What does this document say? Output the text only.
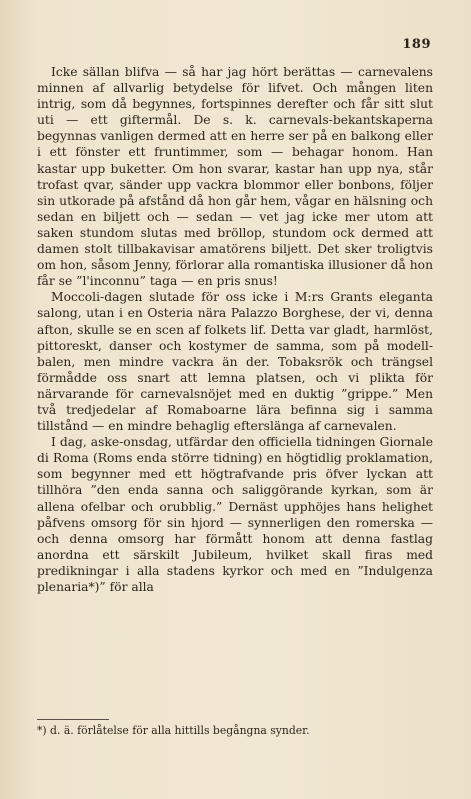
189

Icke sällan blifva — så har jag hört berättas — carnevalens minnen af allvarlig betydelse för lifvet. Och mången liten intrig, som då begynnes, fortspinnes derefter och får sitt slut uti — ett giftermål. De s. k. carnevals-bekantskaperna begynnas vanligen dermed att en herre ser på en balkong eller i ett fönster ett fruntimmer, som — behagar honom. Han kastar upp buketter. Om hon svarar, kastar han upp nya, står trofast qvar, sänder upp vackra blommor eller bonbons, följer sin utkorade på afstånd då hon går hem, vågar en hälsning och sedan en biljett och — sedan — vet jag icke mer utom att saken stundom slutas med bröllop, stundom ock dermed att damen stolt tillbakavisar amatörens biljett. Det sker troligtvis om hon, såsom Jenny, förlorar alla romantiska illusioner då hon får se ”l'inconnu” taga — en pris snus!

Moccoli-dagen slutade för oss icke i M:rs Grants eleganta salong, utan i en Osteria nära Palazzo Borghese, der vi, denna afton, skulle se en scen af folkets lif. Detta var gladt, harmlöst, pittoreskt, danser och kostymer de samma, som på modell-balen, men mindre vackra än der. Tobaksrök och trängsel förmådde oss snart att lemna platsen, och vi plikta för närvarande för carnevalsnöjet med en duktig ”grippe.” Men två tredjedelar af Romaboarne lära befinna sig i samma tillstånd — en mindre behaglig efterslänga af carnevalen.

I dag, aske-onsdag, utfärdar den officiella tidningen Giornale di Roma (Roms enda större tidning) en högtidlig proklamation, som begynner med ett högtrafvande pris öfver lyckan att tillhöra ”den enda sanna och saliggörande kyrkan, som är allena ofelbar och orubblig.” Dernäst upphöjes hans helighet påfvens omsorg för sin hjord — synnerligen den romerska — och denna omsorg har förmått honom att denna fastlag anordna ett särskilt Jubileum, hvilket skall firas med predikningar i alla stadens kyrkor och med en ”Indulgenza plenaria*)” för alla

*) d. ä. förlåtelse för alla hittills begångna synder.
